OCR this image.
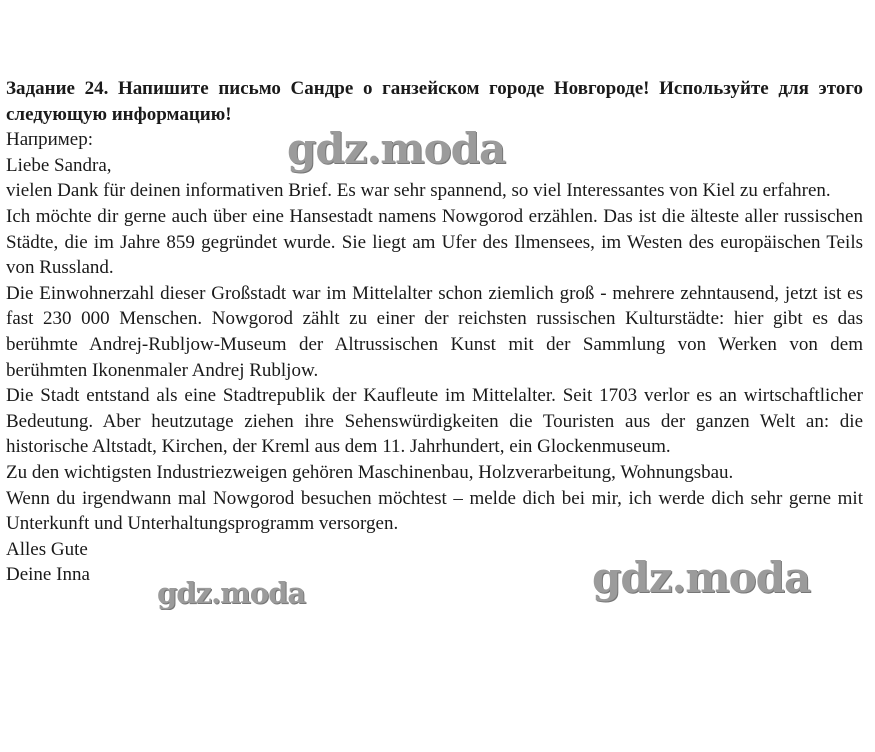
Задание 24. Напишите письмо Сандре о ганзейском городе Новгороде! Используйте для этого следующую информацию!
Например:
Liebe Sandra,
vielen Dank für deinen informativen Brief. Es war sehr spannend, so viel Interessantes von Kiel zu erfahren.
Ich möchte dir gerne auch über eine Hansestadt namens Nowgorod erzählen. Das ist die älteste aller russischen Städte, die im Jahre 859 gegründet wurde. Sie liegt am Ufer des Ilmensees, im Westen des europäischen Teils von Russland.
Die Einwohnerzahl dieser Großstadt war im Mittelalter schon ziemlich groß - mehrere zehntausend, jetzt ist es fast 230 000 Menschen. Nowgorod zählt zu einer der reichsten russischen Kulturstädte: hier gibt es das berühmte Andrej-Rubljow-Museum der Altrussischen Kunst mit der Sammlung von Werken von dem berühmten Ikonenmaler Andrej Rubljow.
Die Stadt entstand als eine Stadtrepublik der Kaufleute im Mittelalter. Seit 1703 verlor es an wirtschaftlicher Bedeutung. Aber heutzutage ziehen ihre Sehenswürdigkeiten die Touristen aus der ganzen Welt an: die historische Altstadt, Kirchen, der Kreml aus dem 11. Jahrhundert, ein Glockenmuseum.
Zu den wichtigsten Industriezweigen gehören Maschinenbau, Holzverarbeitung, Wohnungsbau.
Wenn du irgendwann mal Nowgorod besuchen möchtest – melde dich bei mir, ich werde dich sehr gerne mit Unterkunft und Unterhaltungsprogramm versorgen.
Alles Gute
Deine Inna
gdz.moda
gdz.moda
gdz.moda
